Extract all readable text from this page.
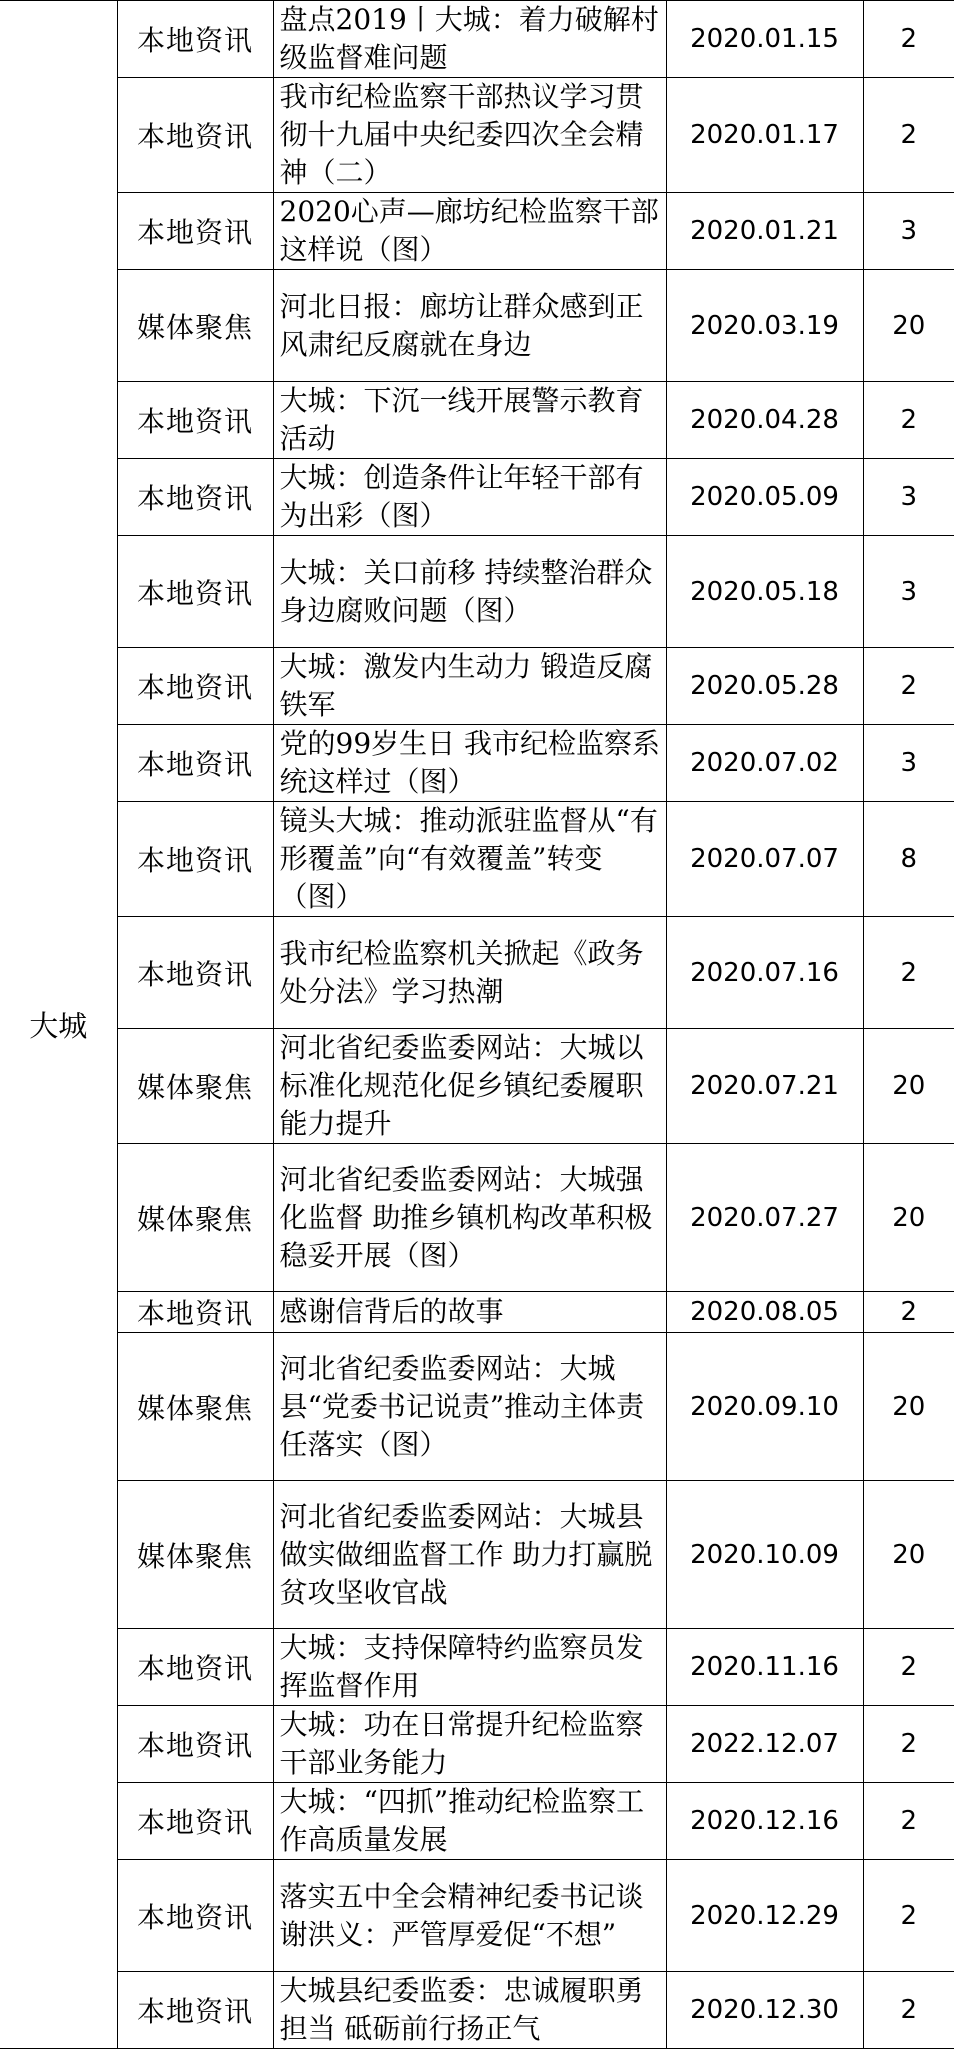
大城	本地资讯	盘点2019丨大城：着力破解村级监督难问题	2020.01.15	2
	本地资讯	我市纪检监察干部热议学习贯彻十九届中央纪委四次全会精神（二）	2020.01.17	2
	本地资讯	2020心声—廊坊纪检监察干部这样说（图）	2020.01.21	3
	媒体聚焦	河北日报：廊坊让群众感到正风肃纪反腐就在身边	2020.03.19	20
	本地资讯	大城：下沉一线开展警示教育活动	2020.04.28	2
	本地资讯	大城：创造条件让年轻干部有为出彩（图）	2020.05.09	3
	本地资讯	大城：关口前移 持续整治群众身边腐败问题（图）	2020.05.18	3
	本地资讯	大城：激发内生动力 锻造反腐铁军	2020.05.28	2
	本地资讯	党的99岁生日 我市纪检监察系统这样过（图）	2020.07.02	3
	本地资讯	镜头大城：推动派驻监督从“有形覆盖”向“有效覆盖”转变（图）	2020.07.07	8
	本地资讯	我市纪检监察机关掀起《政务处分法》学习热潮	2020.07.16	2
	媒体聚焦	河北省纪委监委网站：大城以标准化规范化促乡镇纪委履职能力提升	2020.07.21	20
	媒体聚焦	河北省纪委监委网站：大城强化监督 助推乡镇机构改革积极稳妥开展（图）	2020.07.27	20
	本地资讯	感谢信背后的故事	2020.08.05	2
	媒体聚焦	河北省纪委监委网站：大城县“党委书记说责”推动主体责任落实（图）	2020.09.10	20
	媒体聚焦	河北省纪委监委网站：大城县做实做细监督工作 助力打赢脱贫攻坚收官战	2020.10.09	20
	本地资讯	大城：支持保障特约监察员发挥监督作用	2020.11.16	2
	本地资讯	大城：功在日常提升纪检监察干部业务能力	2022.12.07	2
	本地资讯	大城：“四抓”推动纪检监察工作高质量发展	2020.12.16	2
	本地资讯	落实五中全会精神纪委书记谈 谢洪义：严管厚爱促“不想”	2020.12.29	2
	本地资讯	大城县纪委监委：忠诚履职勇担当 砥砺前行扬正气	2020.12.30	2
